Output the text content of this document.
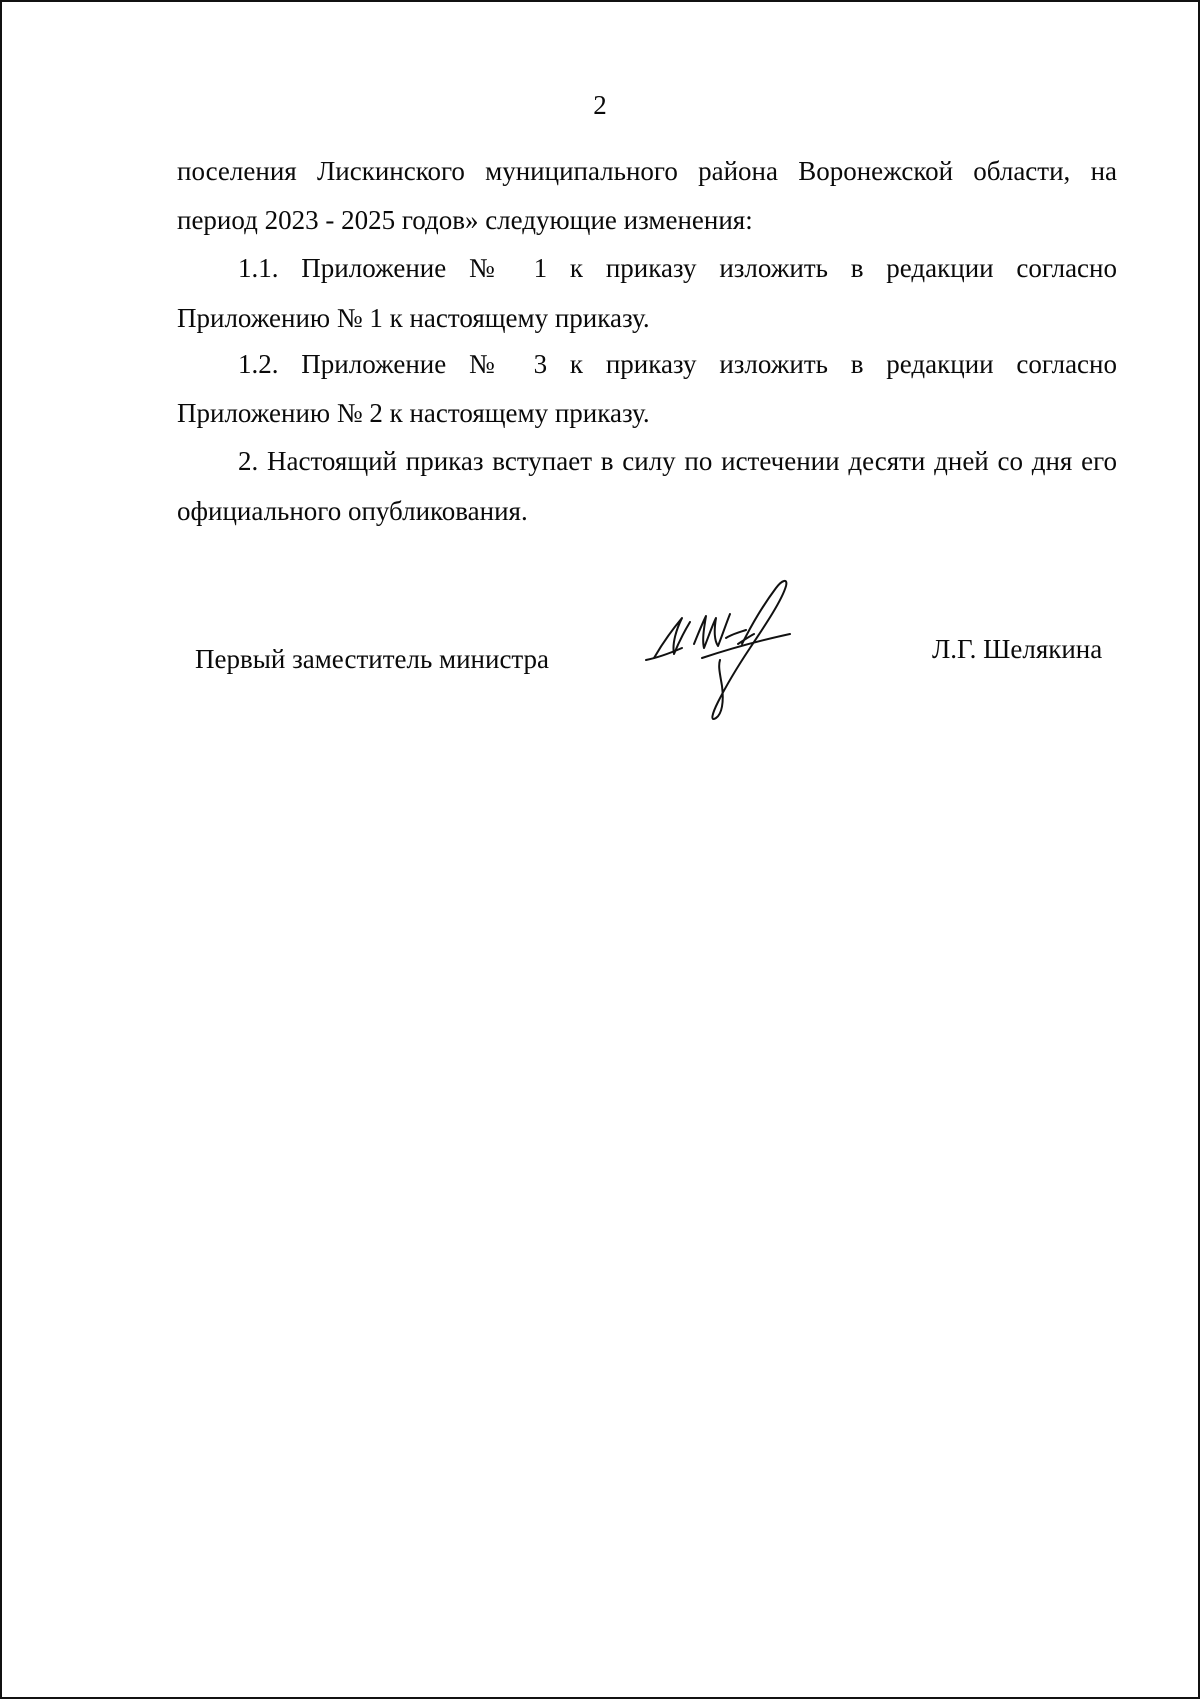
2
поселения Лискинского муниципального района Воронежской области, на
период 2023 - 2025 годов» следующие изменения:
1.1. Приложение № 1 к приказу изложить в редакции согласно
Приложению № 1 к настоящему приказу.
1.2. Приложение № 3 к приказу изложить в редакции согласно
Приложению № 2 к настоящему приказу.
2. Настоящий приказ вступает в силу по истечении десяти дней со дня его
официального опубликования.
Первый заместитель министра	Л.Г. Шелякина
